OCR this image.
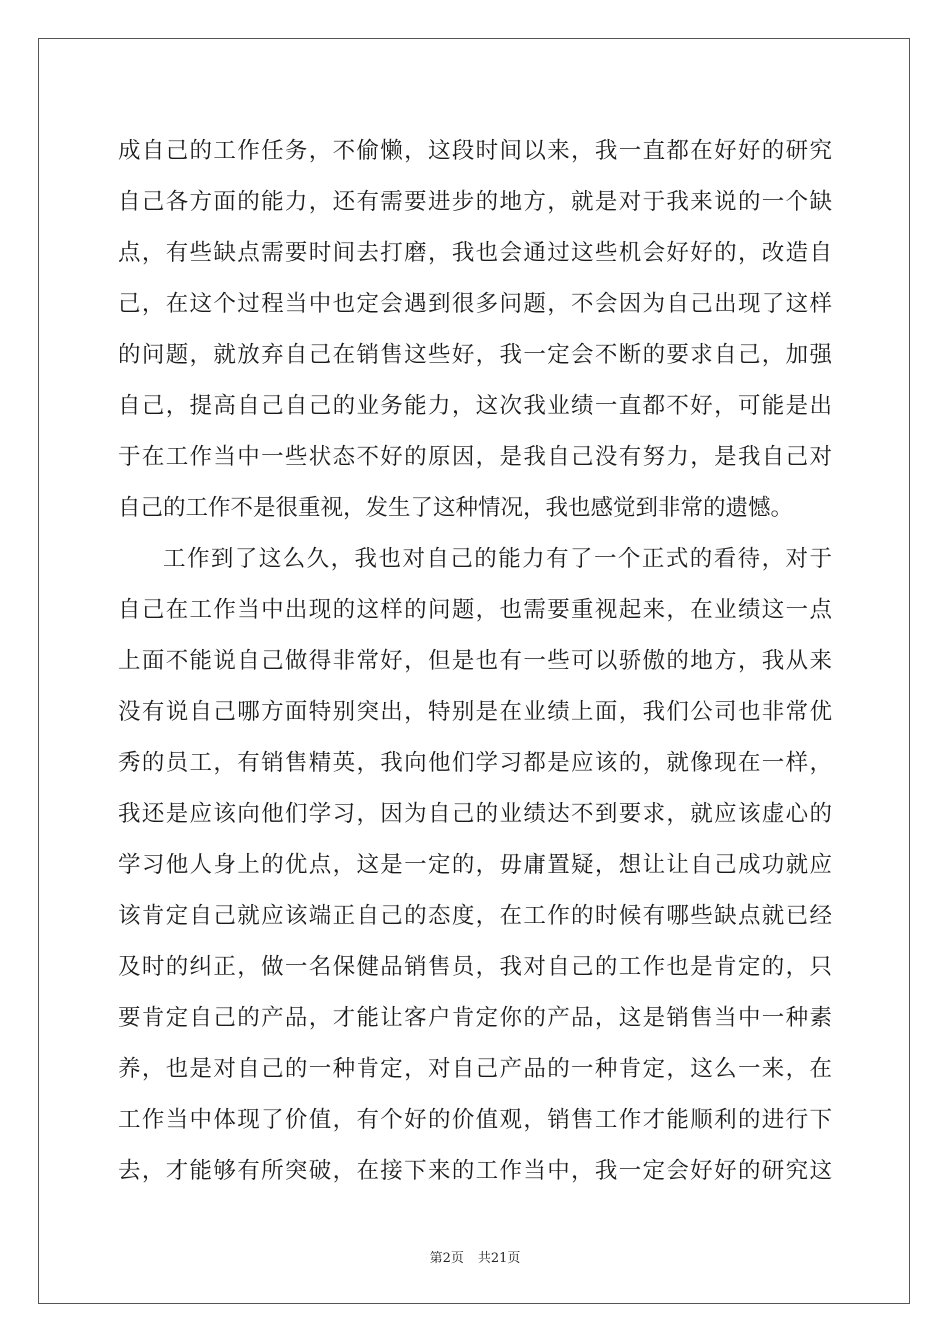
成自己的工作任务，不偷懒，这段时间以来，我一直都在好好的研究
自己各方面的能力，还有需要进步的地方，就是对于我来说的一个缺
点，有些缺点需要时间去打磨，我也会通过这些机会好好的，改造自
己，在这个过程当中也定会遇到很多问题，不会因为自己出现了这样
的问题，就放弃自己在销售这些好，我一定会不断的要求自己，加强
自己，提高自己自己的业务能力，这次我业绩一直都不好，可能是出
于在工作当中一些状态不好的原因，是我自己没有努力，是我自己对
自己的工作不是很重视，发生了这种情况，我也感觉到非常的遗憾。
工作到了这么久，我也对自己的能力有了一个正式的看待，对于
自己在工作当中出现的这样的问题，也需要重视起来，在业绩这一点
上面不能说自己做得非常好，但是也有一些可以骄傲的地方，我从来
没有说自己哪方面特别突出，特别是在业绩上面，我们公司也非常优
秀的员工，有销售精英，我向他们学习都是应该的，就像现在一样，
我还是应该向他们学习，因为自己的业绩达不到要求，就应该虚心的
学习他人身上的优点，这是一定的，毋庸置疑，想让让自己成功就应
该肯定自己就应该端正自己的态度，在工作的时候有哪些缺点就已经
及时的纠正，做一名保健品销售员，我对自己的工作也是肯定的，只
要肯定自己的产品，才能让客户肯定你的产品，这是销售当中一种素
养，也是对自己的一种肯定，对自己产品的一种肯定，这么一来，在
工作当中体现了价值，有个好的价值观，销售工作才能顺利的进行下
去，才能够有所突破，在接下来的工作当中，我一定会好好的研究这
第2页 共21页
